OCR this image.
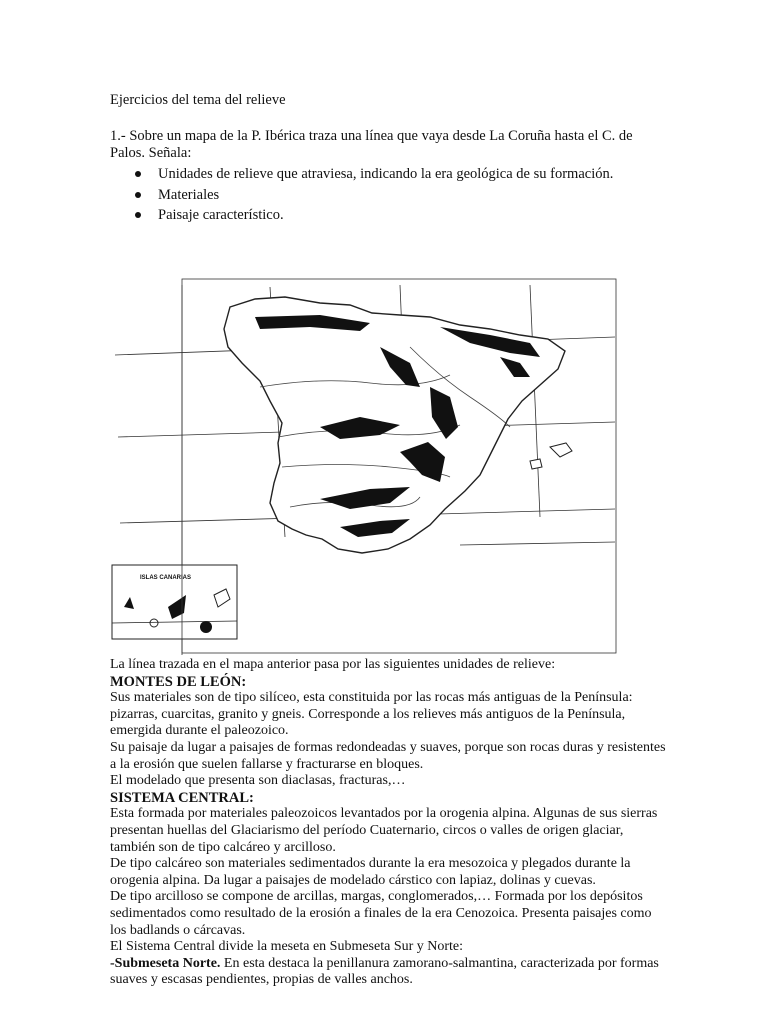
Ejercicios del tema del relieve
1.- Sobre un mapa de la P. Ibérica traza una línea que vaya desde La Coruña hasta el C. de Palos. Señala:
Unidades de relieve que atraviesa, indicando la era geológica de su formación.
Materiales
Paisaje característico.
ISLAS CANARIAS

La línea trazada en el mapa anterior pasa por las siguientes unidades de relieve:

MONTES DE LEÓN:

Sus materiales son de tipo silíceo, esta constituida por las rocas más antiguas de la Península: pizarras, cuarcitas, granito y gneis. Corresponde a los relieves más antiguos de la Península, emergida durante el paleozoico.

Su paisaje da lugar a paisajes de formas redondeadas y suaves, porque son rocas duras y resistentes a la erosión que suelen fallarse y fracturarse en bloques.

El modelado que presenta son diaclasas, fracturas,…

SISTEMA CENTRAL:

Esta formada por materiales paleozoicos levantados por la orogenia alpina. Algunas de sus sierras presentan huellas del Glaciarismo del período Cuaternario, circos o valles de origen glaciar, también son de tipo calcáreo y arcilloso.

De tipo calcáreo son materiales sedimentados durante la era mesozoica y plegados durante la orogenia alpina. Da lugar a paisajes de modelado cárstico con lapiaz, dolinas y cuevas.

De tipo arcilloso se compone de arcillas, margas, conglomerados,… Formada por los depósitos sedimentados como resultado de la erosión a finales de la era Cenozoica. Presenta paisajes como los badlands o cárcavas.

El Sistema Central divide la meseta en Submeseta Sur y Norte:

-Submeseta Norte. En esta destaca la penillanura zamorano-salmantina, caracterizada por formas suaves y escasas pendientes, propias de valles anchos.
